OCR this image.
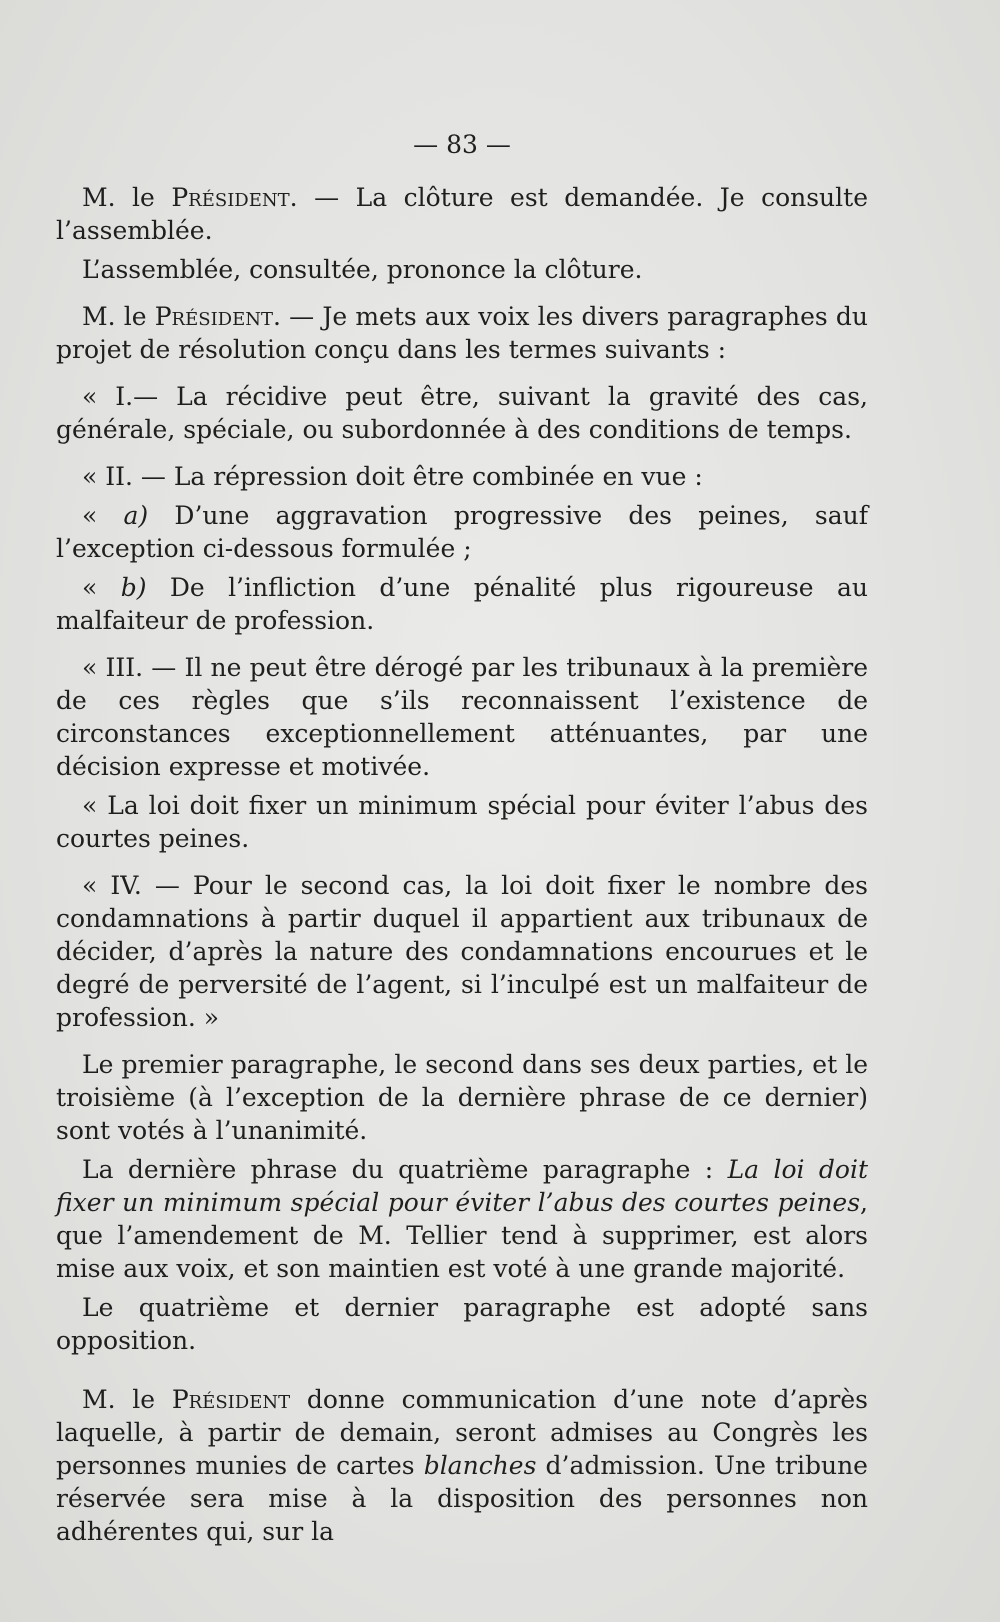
— 83 —

M. le Président. — La clôture est demandée. Je consulte l’assemblée.

L’assemblée, consultée, prononce la clôture.

M. le Président. — Je mets aux voix les divers paragraphes du projet de résolution conçu dans les termes suivants :

« I.— La récidive peut être, suivant la gravité des cas, générale, spéciale, ou subordonnée à des conditions de temps.

« II. — La répression doit être combinée en vue :

« a) D’une aggravation progressive des peines, sauf l’exception ci-dessous formulée ;

« b) De l’infliction d’une pénalité plus rigoureuse au malfaiteur de profession.

« III. — Il ne peut être dérogé par les tribunaux à la première de ces règles que s’ils reconnaissent l’existence de circonstances exceptionnellement atténuantes, par une décision expresse et motivée.

« La loi doit fixer un minimum spécial pour éviter l’abus des courtes peines.

« IV. — Pour le second cas, la loi doit fixer le nombre des condamnations à partir duquel il appartient aux tribunaux de décider, d’après la nature des condamnations encourues et le degré de perversité de l’agent, si l’inculpé est un malfaiteur de profession. »

Le premier paragraphe, le second dans ses deux parties, et le troisième (à l’exception de la dernière phrase de ce dernier) sont votés à l’unanimité.

La dernière phrase du quatrième paragraphe : La loi doit fixer un minimum spécial pour éviter l’abus des courtes peines, que l’amendement de M. Tellier tend à supprimer, est alors mise aux voix, et son maintien est voté à une grande majorité.

Le quatrième et dernier paragraphe est adopté sans opposition.

M. le Président donne communication d’une note d’après laquelle, à partir de demain, seront admises au Congrès les personnes munies de cartes blanches d’admission. Une tribune réservée sera mise à la disposition des personnes non adhérentes qui, sur la
